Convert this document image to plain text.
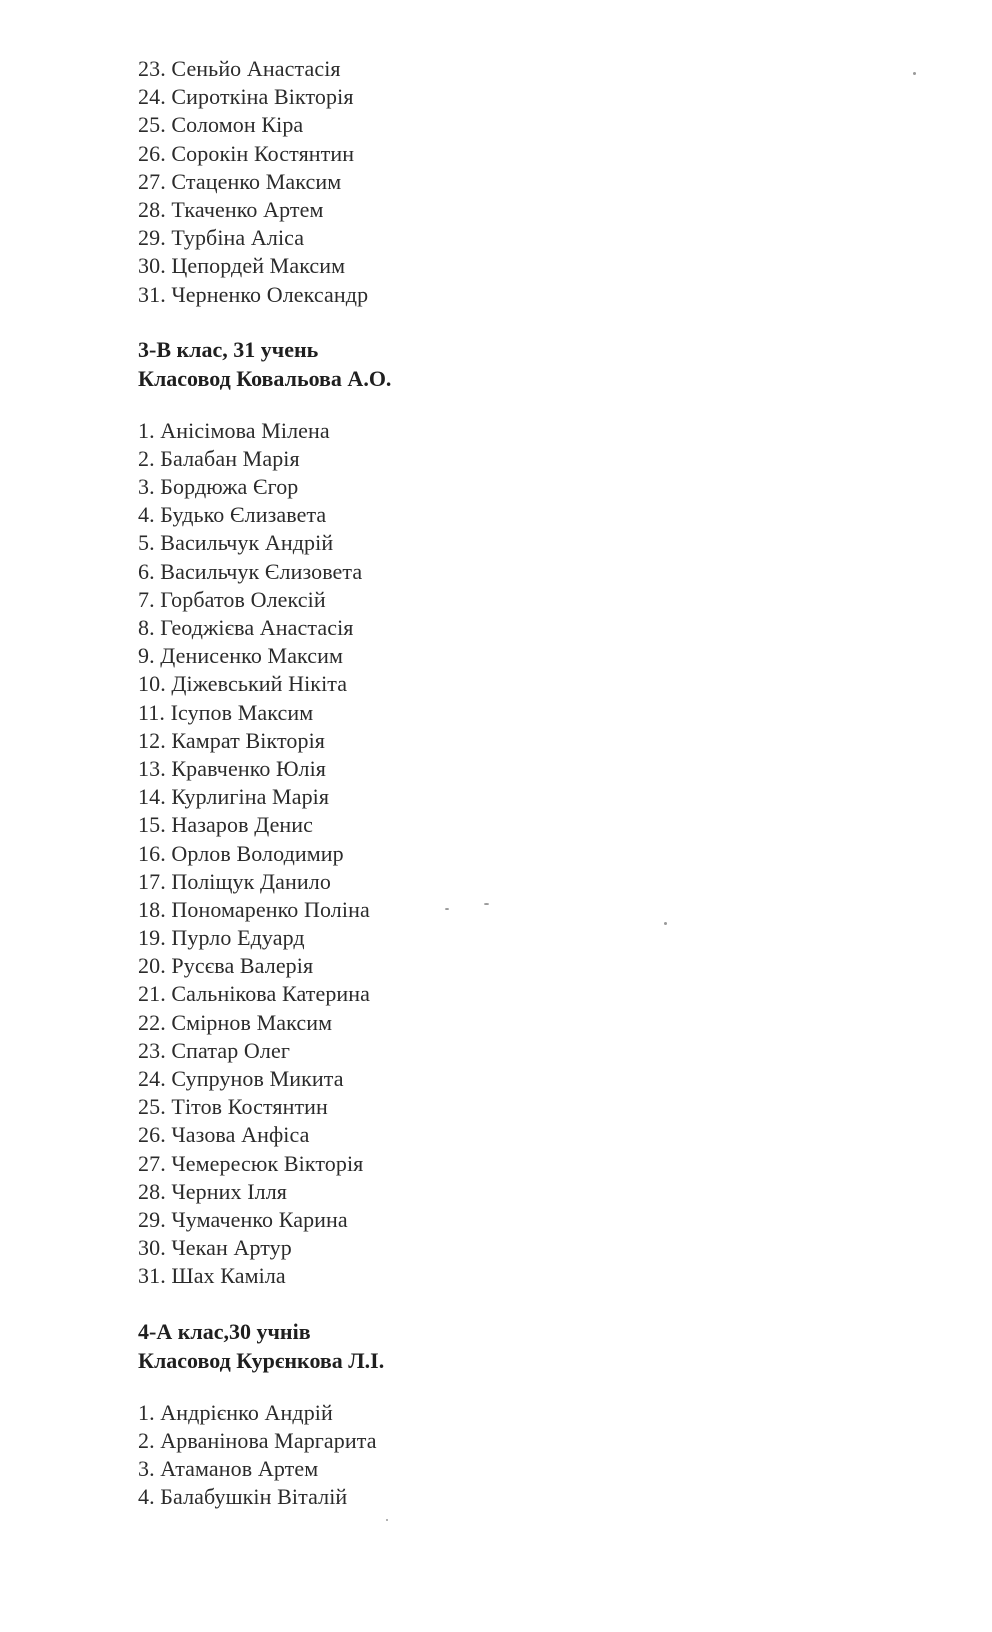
23. Сеньйо Анастасія
24. Сироткіна Вікторія
25. Соломон Кіра
26. Сорокін Костянтин
27. Стаценко Максим
28. Ткаченко Артем
29. Турбіна Аліса
30. Цепордей Максим
31. Черненко Олександр

3-В клас, 31 учень

Класовод Ковальова А.О.

1. Анісімова Мілена
2. Балабан Марія
3. Бордюжа Єгор
4. Будько Єлизавета
5. Васильчук Андрій
6. Васильчук Єлизовета
7. Горбатов Олексій
8. Геоджієва Анастасія
9. Денисенко Максим
10. Діжевський Нікіта
11. Ісупов Максим
12. Камрат Вікторія
13. Кравченко Юлія
14. Курлигіна Марія
15. Назаров Денис
16. Орлов Володимир
17. Поліщук Данило
18. Пономаренко Поліна
19. Пурло Едуард
20. Русєва Валерія
21. Сальнікова Катерина
22. Смірнов Максим
23. Спатар Олег
24. Супрунов Микита
25. Тітов Костянтин
26. Чазова Анфіса
27. Чемересюк Вікторія
28. Черних Ілля
29. Чумаченко Карина
30. Чекан Артур
31. Шах Каміла

4-А клас,30 учнів

Класовод Курєнкова Л.І.

1. Андрієнко Андрій
2. Арванінова Маргарита
3. Атаманов Артем
4. Балабушкін Віталій
